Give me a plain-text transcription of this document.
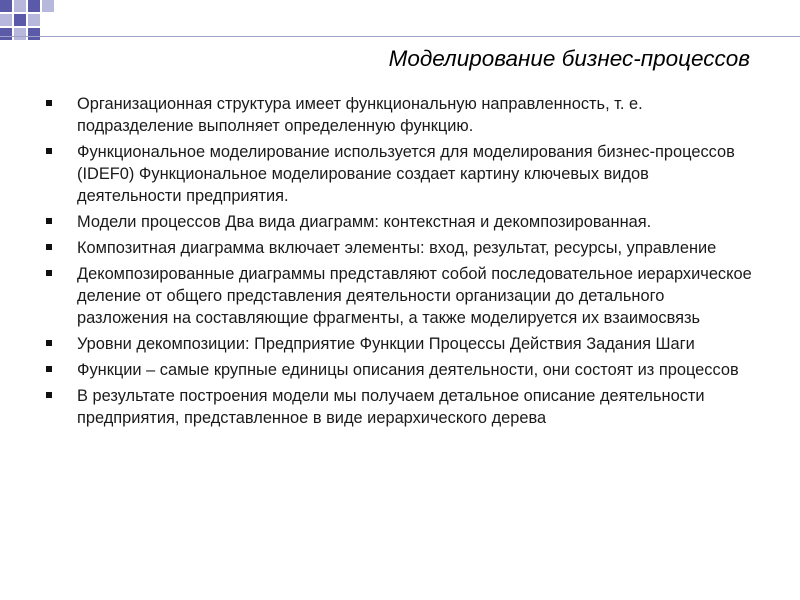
Моделирование бизнес-процессов
Организационная структура имеет функциональную направленность, т. е. подразделение выполняет определенную функцию.
Функциональное моделирование используется для моделирования бизнес-процессов (IDEF0) Функциональное моделирование создает картину ключевых видов деятельности предприятия.
Модели процессов Два вида диаграмм: контекстная и декомпозированная.
Композитная диаграмма включает элементы: вход, результат, ресурсы, управление
Декомпозированные диаграммы представляют собой последовательное иерархическое деление от общего представления деятельности организации до детального разложения на составляющие фрагменты, а также моделируется их взаимосвязь
Уровни декомпозиции: Предприятие Функции Процессы Действия Задания Шаги
Функции – самые крупные единицы описания деятельности, они состоят из процессов
В результате построения модели мы получаем детальное описание деятельности предприятия, представленное в виде иерархического дерева
